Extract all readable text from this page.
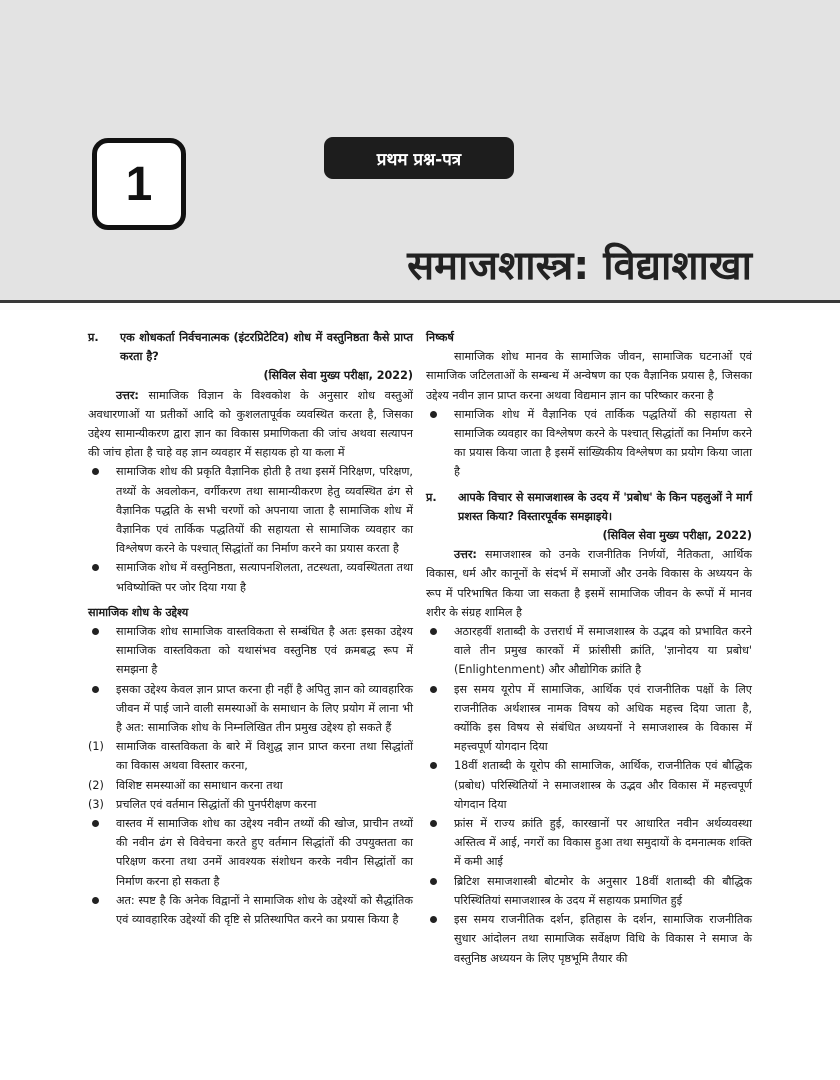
1	प्रथम प्रश्न-पत्र
समाजशास्त्र: विद्याशाखा

प्र. एक शोधकर्ता निर्वचनात्मक (इंटरप्रिटेटिव) शोध में वस्तुनिष्ठता कैसे प्राप्त करता है?

(सिविल सेवा मुख्य परीक्षा, 2022)

उत्तर: सामाजिक विज्ञान के विश्वकोश के अनुसार शोध वस्तुओं अवधारणाओं या प्रतीकों आदि को कुशलतापूर्वक व्यवस्थित करता है, जिसका उद्देश्य सामान्यीकरण द्वारा ज्ञान का विकास प्रमाणिकता की जांच अथवा सत्यापन की जांच होता है चाहे वह ज्ञान व्यवहार में सहायक हो या कला में

सामाजिक शोध की प्रकृति वैज्ञानिक होती है तथा इसमें निरिक्षण, परिक्षण, तथ्यों के अवलोकन, वर्गीकरण तथा सामान्यीकरण हेतु व्यवस्थित ढंग से वैज्ञानिक पद्धति के सभी चरणों को अपनाया जाता है सामाजिक शोध में वैज्ञानिक एवं तार्किक पद्धतियों की सहायता से सामाजिक व्यवहार का विश्लेषण करने के पश्चात् सिद्धांतों का निर्माण करने का प्रयास करता है
सामाजिक शोध में वस्तुनिष्ठता, सत्यापनशिलता, तटस्थता, व्यवस्थितता तथा भविष्योक्ति पर जोर दिया गया है

सामाजिक शोध के उद्देश्य

सामाजिक शोध सामाजिक वास्तविकता से सम्बंधित है अतः इसका उद्देश्य सामाजिक वास्तविकता को यथासंभव वस्तुनिष्ठ एवं क्रमबद्ध रूप में समझना है
इसका उद्देश्य केवल ज्ञान प्राप्त करना ही नहीं है अपितु ज्ञान को व्यावहारिक जीवन में पाई जाने वाली समस्याओं के समाधान के लिए प्रयोग में लाना भी है अत: सामाजिक शोध के निम्नलिखित तीन प्रमुख उद्देश्य हो सकते हैं
(1) सामाजिक वास्तविकता के बारे में विशुद्ध ज्ञान प्राप्त करना तथा सिद्धांतों का विकास अथवा विस्तार करना,
(2) विशिष्ट समस्याओं का समाधान करना तथा
(3) प्रचलित एवं वर्तमान सिद्धांतों की पुनर्परीक्षण करना
वास्तव में सामाजिक शोध का उद्देश्य नवीन तथ्यों की खोज, प्राचीन तथ्यों की नवीन ढंग से विवेचना करते हुए वर्तमान सिद्धांतों की उपयुक्तता का परिक्षण करना तथा उनमें आवश्यक संशोधन करके नवीन सिद्धांतों का निर्माण करना हो सकता है
अत: स्पष्ट है कि अनेक विद्वानों ने सामाजिक शोध के उद्देश्यों को सैद्धांतिक एवं व्यावहारिक उद्देश्यों की दृष्टि से प्रतिस्थापित करने का प्रयास किया है

निष्कर्ष

सामाजिक शोध मानव के सामाजिक जीवन, सामाजिक घटनाओं एवं सामाजिक जटिलताओं के सम्बन्ध में अन्वेषण का एक वैज्ञानिक प्रयास है, जिसका उद्देश्य नवीन ज्ञान प्राप्त करना अथवा विद्यमान ज्ञान का परिष्कार करना है

सामाजिक शोध में वैज्ञानिक एवं तार्किक पद्धतियों की सहायता से सामाजिक व्यवहार का विश्लेषण करने के पश्चात् सिद्धांतों का निर्माण करने का प्रयास किया जाता है इसमें सांख्यिकीय विश्लेषण का प्रयोग किया जाता है

प्र. आपके विचार से समाजशास्त्र के उदय में 'प्रबोध' के किन पहलुओं ने मार्ग प्रशस्त किया? विस्तारपूर्वक समझाइये।

(सिविल सेवा मुख्य परीक्षा, 2022)

उत्तर: समाजशास्त्र को उनके राजनीतिक निर्णयों, नैतिकता, आर्थिक विकास, धर्म और कानूनों के संदर्भ में समाजों और उनके विकास के अध्ययन के रूप में परिभाषित किया जा सकता है इसमें सामाजिक जीवन के रूपों में मानव शरीर के संग्रह शामिल है

अठारहवीं शताब्दी के उत्तरार्ध में समाजशास्त्र के उद्भव को प्रभावित करने वाले तीन प्रमुख कारकों में फ्रांसीसी क्रांति, 'ज्ञानोदय या प्रबोध' (Enlightenment) और औद्योगिक क्रांति है
इस समय यूरोप में सामाजिक, आर्थिक एवं राजनीतिक पक्षों के लिए राजनीतिक अर्थशास्त्र नामक विषय को अधिक महत्त्व दिया जाता है, क्योंकि इस विषय से संबंधित अध्ययनों ने समाजशास्त्र के विकास में महत्त्वपूर्ण योगदान दिया
18वीं शताब्दी के यूरोप की सामाजिक, आर्थिक, राजनीतिक एवं बौद्धिक (प्रबोध) परिस्थितियों ने समाजशास्त्र के उद्भव और विकास में महत्त्वपूर्ण योगदान दिया
फ्रांस में राज्य क्रांति हुई, कारखानों पर आधारित नवीन अर्थव्यवस्था अस्तित्व में आई, नगरों का विकास हुआ तथा समुदायों के दमनात्मक शक्ति में कमी आई
ब्रिटिश समाजशास्त्री बोटमोर के अनुसार 18वीं शताब्दी की बौद्धिक परिस्थितियां समाजशास्त्र के उदय में सहायक प्रमाणित हुई
इस समय राजनीतिक दर्शन, इतिहास के दर्शन, सामाजिक राजनीतिक सुधार आंदोलन तथा सामाजिक सर्वेक्षण विधि के विकास ने समाज के वस्तुनिष्ठ अध्ययन के लिए पृष्ठभूमि तैयार की
